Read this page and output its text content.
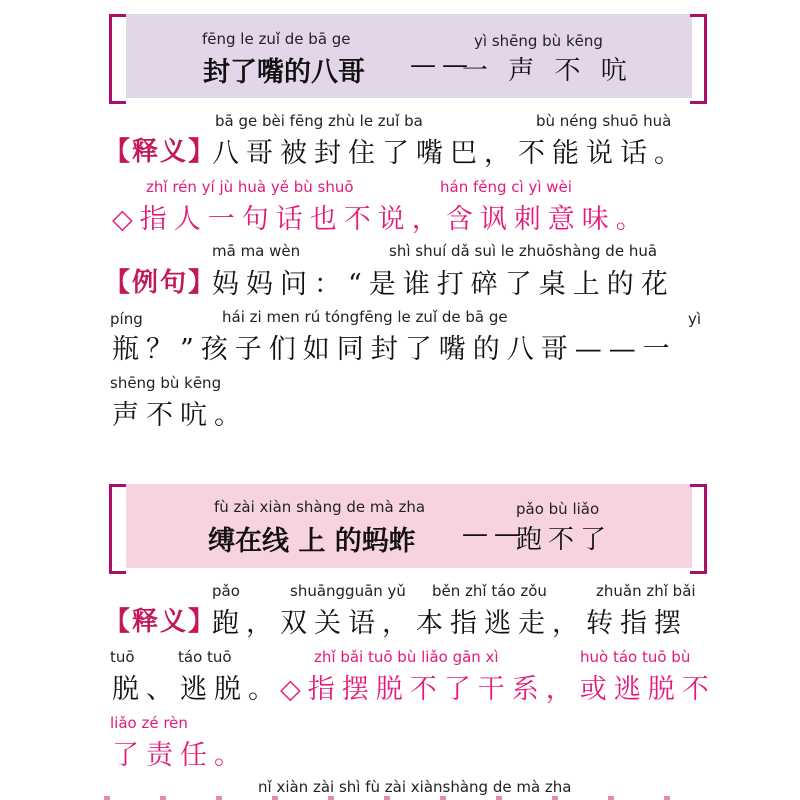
fēng le zuǐ de bā ge	yì shēng bù kēng
封了嘴的八哥 ——
一 声 不 吭
bā ge bèi fēng zhù le zuǐ ba	bù néng shuō huà
【释义】
八哥被封住了嘴巴，不能说话。
zhǐ rén yí jù huà yě bù shuō	hán fěng cì yì wèi
◇指人一句话也不说，含讽刺意味。
mā ma wèn	shì shuí dǎ suì le zhuōshàng de huā
【例句】
妈妈问：“是谁打碎了桌上的花
píng	hái zi men rú tóngfēng le zuǐ de bā ge	yì
瓶？”孩子们如同封了嘴的八哥——一
shēng bù kēng
声不吭。
fù zài xiàn shàng de mà zha	pǎo bù liǎo
缚在线 上 的蚂蚱 ——
跑不了
pǎo	shuāngguān yǔ běn zhǐ táo zǒu	zhuǎn zhǐ bǎi
【释义】
跑，双关语，本指逃走，转指摆
tuō	táo tuō	zhǐ bǎi tuō bù liǎo gān xì	huò táo tuō bù
脱、逃脱。
◇指摆脱不了干系，或逃脱不
liǎo zé rèn
了责任。
nǐ xiàn zài shì fù zài xiànshàng de mà zha
